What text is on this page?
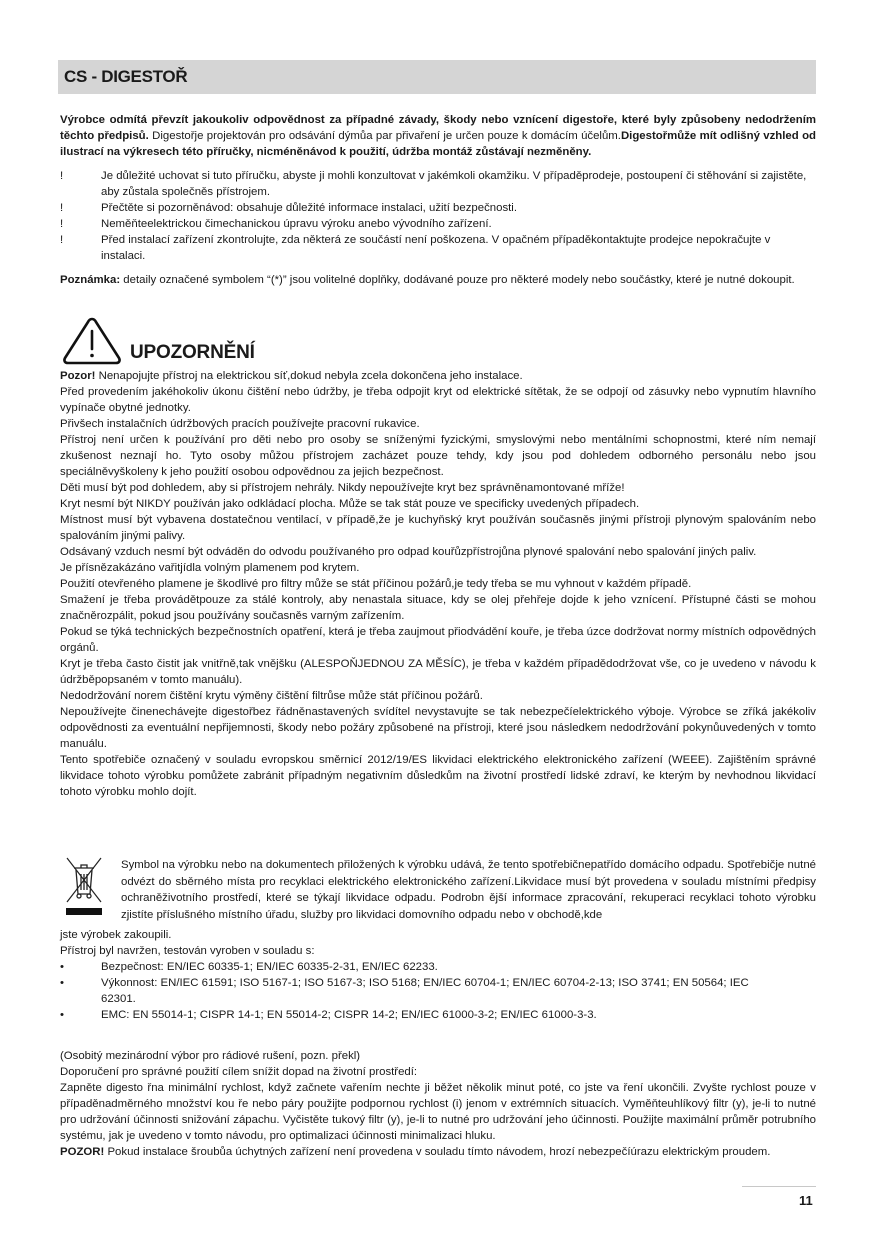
CS - DIGESTOŘ
Výrobce odmítá převzít jakoukoliv odpovědnost za případné závady, škody nebo vznícení digestoře, které byly způsobeny nedodržením těchto předpisů. Digestořje projektován pro odsávání dýmůa par přivaření je určen pouze k domácím účelům.Digestořmůže mít odlišný vzhled od ilustrací na výkresech této příručky, nicméněnávod k použití, údržba montáž zůstávají nezměněny.
!	Je důležité uchovat si tuto příručku, abyste ji mohli konzultovat v jakémkoli okamžiku. V případěprodeje, postoupení či stěhování si zajistěte, aby zůstala společněs přístrojem.
!	Přečtěte si pozorněnávod: obsahuje důležité informace instalaci, užití bezpečnosti.
!	Neměňteelektrickou čimechanickou úpravu výroku anebo vývodního zařízení.
!	Před instalací zařízení zkontrolujte, zda některá ze součástí není poškozena. V opačném případěkontaktujte prodejce nepokračujte v instalaci.
Poznámka: detaily označené symbolem “(*)” jsou volitelné doplňky, dodávané pouze pro některé modely nebo součástky, které je nutné dokoupit.
UPOZORNĚNÍ
Pozor! Nenapojujte přístroj na elektrickou síť,dokud nebyla zcela dokončena jeho instalace.
Před provedením jakéhokoliv úkonu čištění nebo údržby, je třeba odpojit kryt od elektrické sítětak, že se odpojí od zásuvky nebo vypnutím hlavního vypínače obytné jednotky.
Přivšech instalačních údržbových pracích používejte pracovní rukavice.
Přístroj není určen k používání pro děti nebo pro osoby se sníženými fyzickými, smyslovými nebo mentálními schopnostmi, které ním nemají zkušenost neznají ho. Tyto osoby můžou přístrojem zacházet pouze tehdy, kdy jsou pod dohledem odborného personálu nebo jsou speciálněvyškoleny k jeho použití osobou odpovědnou za jejich bezpečnost.
Děti musí být pod dohledem, aby si přístrojem nehrály. Nikdy nepoužívejte kryt bez správněnamontované mříže!
Kryt nesmí být NIKDY používán jako odkládací plocha. Může se tak stát pouze ve specificky uvedených případech.
Místnost musí být vybavena dostatečnou ventilací, v případě,že je kuchyňský kryt používán současněs jinými přístroji plynovým spalováním nebo spalováním jinými palivy.
Odsávaný vzduch nesmí být odváděn do odvodu používaného pro odpad kouřůzpřístrojůna plynové spalování nebo spalování jiných paliv.
Je přísnězakázáno vařitjídla volným plamenem pod krytem.
Použití otevřeného plamene je škodlivé pro filtry může se stát příčinou požárů,je tedy třeba se mu vyhnout v každém případě.
Smažení je třeba provádětpouze za stálé kontroly, aby nenastala situace, kdy se olej přehřeje dojde k jeho vznícení. Přístupné části se mohou značněrozpálit, pokud jsou používány současněs varným zařízením.
Pokud se týká technických bezpečnostních opatření, která je třeba zaujmout přiodvádění kouře, je třeba úzce dodržovat normy místních odpovědných orgánů.
Kryt je třeba často čistit jak vnitřně,tak vnějšku (ALESPOŇJEDNOU ZA MĚSÍC), je třeba v každém případědodržovat vše, co je uvedeno v návodu k údržběpopsaném v tomto manuálu).
Nedodržování norem čištění krytu výměny čištění filtrůse může stát příčinou požárů.
Nepoužívejte činenechávejte digestořbez řádněnastavených svídítel nevystavujte se tak nebezpečíelektrického výboje. Výrobce se zříká jakékoliv odpovědnosti za eventuální nepřijemnosti, škody nebo požáry způsobené na přístroji, které jsou následkem nedodržování pokynůuvedených v tomto manuálu.
Tento spotřebiče označený v souladu evropskou směrnicí 2012/19/ES likvidaci elektrického elektronického zařízení (WEEE). Zajištěním správné likvidace tohoto výrobku pomůžete zabránit případným negativním důsledkům na životní prostředí lidské zdraví, ke kterým by nevhodnou likvidací tohoto výrobku mohlo dojít.
Symbol na výrobku nebo na dokumentech přiložených k výrobku udává, že tento spotřebičnepatřído domácího odpadu. Spotřebičje nutné odvézt do sběrného místa pro recyklaci elektrického elektronického zařízení.Likvidace musí být provedena v souladu místními předpisy ochraněživotního prostředí, které se týkají likvidace odpadu. Podrobn ější informace zpracování, rekuperaci recyklaci tohoto výrobku zjistíte příslušného místního úřadu, služby pro likvidaci domovního odpadu nebo v obchodě,kde
jste výrobek zakoupili.
Přístroj byl navržen, testován vyroben v souladu s:
•	Bezpečnost: EN/IEC 60335-1; EN/IEC 60335-2-31, EN/IEC 62233.
•	Výkonnost: EN/IEC 61591; ISO 5167-1; ISO 5167-3; ISO 5168; EN/IEC 60704-1; EN/IEC 60704-2-13; ISO 3741; EN 50564; IEC 62301.
•	EMC: EN 55014-1; CISPR 14-1; EN 55014-2; CISPR 14-2; EN/IEC 61000-3-2; EN/IEC 61000-3-3.
(Osobitý mezinárodní výbor pro rádiové rušení, pozn. překl)
Doporučení pro správné použití cílem snížit dopad na životní prostředí:
Zapněte digesto řna minimální rychlost, když začnete vařením nechte ji běžet několik minut poté, co jste va ření ukončili. Zvyšte rychlost pouze v případěnadměrného množství kou ře nebo páry použijte podpornou rychlost (i) jenom v extrémních situacích. Vyměňteuhlíkový filtr (y), je-li to nutné pro udržování účinnosti snižování zápachu. Vyčistěte tukový filtr (y), je-li to nutné pro udržování jeho účinnosti. Použijte maximální průměr potrubního systému, jak je uvedeno v tomto návodu, pro optimalizaci účinnosti minimalizaci hluku.
POZOR! Pokud instalace šroubůa úchytných zařízení není provedena v souladu tímto návodem, hrozí nebezpečíúrazu elektrickým proudem.
11
